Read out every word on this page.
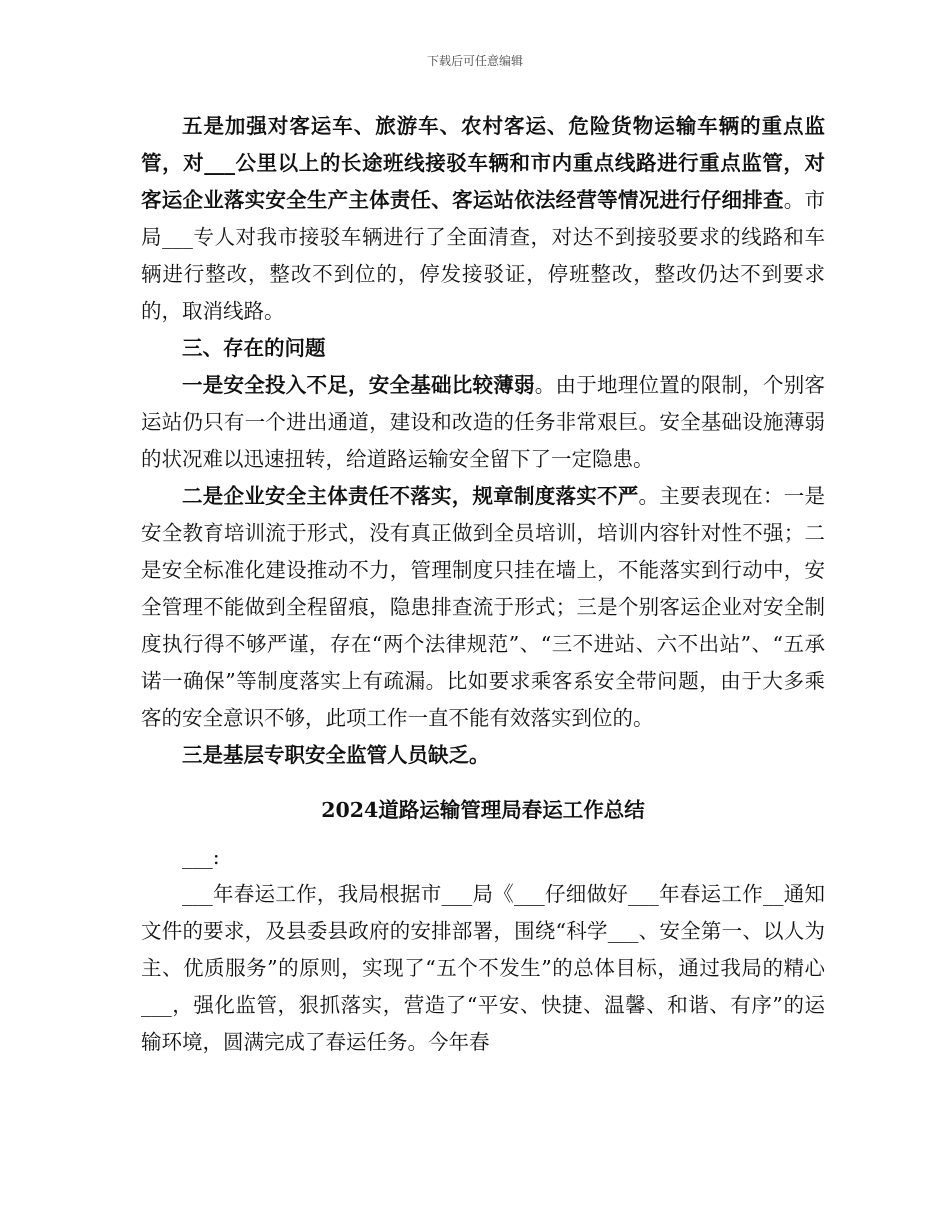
下载后可任意编辑

五是加强对客运车、旅游车、农村客运、危险货物运输车辆的重点监管，对___公里以上的长途班线接驳车辆和市内重点线路进行重点监管，对客运企业落实安全生产主体责任、客运站依法经营等情况进行仔细排查。市局___专人对我市接驳车辆进行了全面清查，对达不到接驳要求的线路和车辆进行整改，整改不到位的，停发接驳证，停班整改，整改仍达不到要求的，取消线路。

三、存在的问题

一是安全投入不足，安全基础比较薄弱。由于地理位置的限制，个别客运站仍只有一个进出通道，建设和改造的任务非常艰巨。安全基础设施薄弱的状况难以迅速扭转，给道路运输安全留下了一定隐患。

二是企业安全主体责任不落实，规章制度落实不严。主要表现在：一是安全教育培训流于形式，没有真正做到全员培训，培训内容针对性不强；二是安全标准化建设推动不力，管理制度只挂在墙上，不能落实到行动中，安全管理不能做到全程留痕，隐患排查流于形式；三是个别客运企业对安全制度执行得不够严谨，存在“两个法律规范”、“三不进站、六不出站”、“五承诺一确保”等制度落实上有疏漏。比如要求乘客系安全带问题，由于大多乘客的安全意识不够，此项工作一直不能有效落实到位的。

三是基层专职安全监管人员缺乏。

2024道路运输管理局春运工作总结

___:

___年春运工作，我局根据市___局《___仔细做好___年春运工作__通知文件的要求，及县委县政府的安排部署，围绕“科学___、安全第一、以人为主、优质服务”的原则，实现了“五个不发生”的总体目标，通过我局的精心___，强化监管，狠抓落实，营造了“平安、快捷、温馨、和谐、有序”的运输环境，圆满完成了春运任务。今年春
